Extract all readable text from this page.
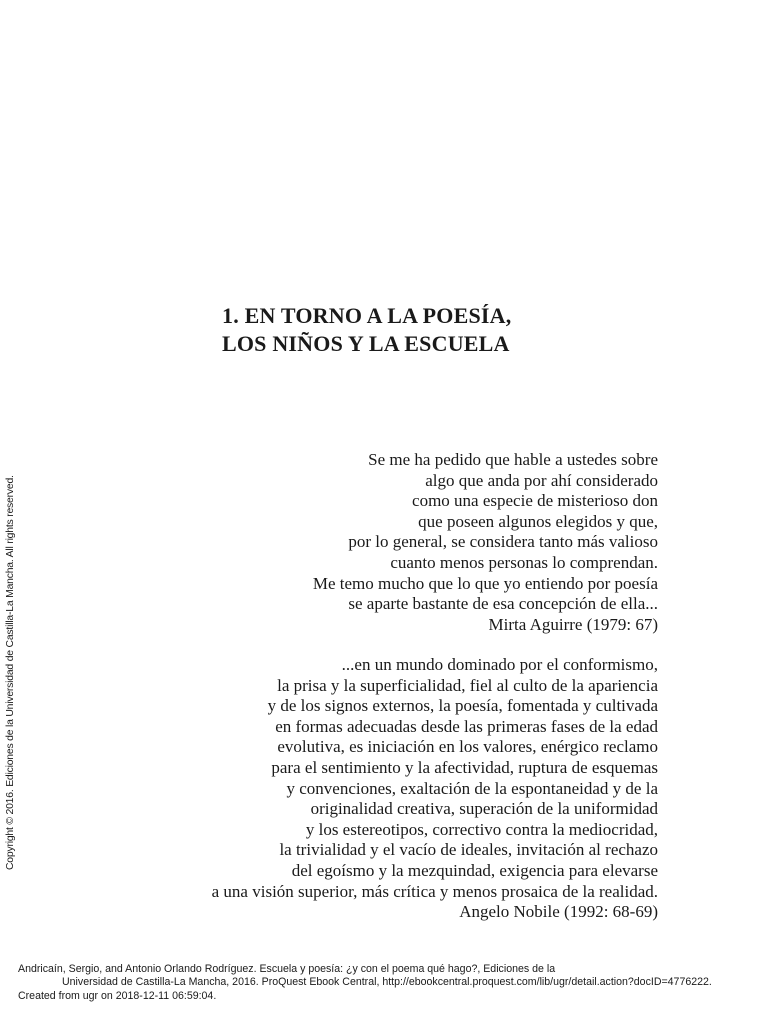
1. EN TORNO A LA POESÍA,
LOS NIÑOS Y LA ESCUELA
Se me ha pedido que hable a ustedes sobre
algo que anda por ahí considerado
como una especie de misterioso don
que poseen algunos elegidos y que,
por lo general, se considera tanto más valioso
cuanto menos personas lo comprendan.
Me temo mucho que lo que yo entiendo por poesía
se aparte bastante de esa concepción de ella...
Mirta Aguirre (1979: 67)
...en un mundo dominado por el conformismo,
la prisa y la superficialidad, fiel al culto de la apariencia
y de los signos externos, la poesía, fomentada y cultivada
en formas adecuadas desde las primeras fases de la edad
evolutiva, es iniciación en los valores, enérgico reclamo
para el sentimiento y la afectividad, ruptura de esquemas
y convenciones, exaltación de la espontaneidad y de la
originalidad creativa, superación de la uniformidad
y los estereotipos, correctivo contra la mediocridad,
la trivialidad y el vacío de ideales, invitación al rechazo
del egoísmo y la mezquindad, exigencia para elevarse
a una visión superior, más crítica y menos prosaica de la realidad.
Angelo Nobile (1992: 68-69)
Copyright © 2016. Ediciones de la Universidad de Castilla-La Mancha. All rights reserved.
Andricaín, Sergio, and Antonio Orlando Rodríguez. Escuela y poesía: ¿y con el poema qué hago?, Ediciones de la
Universidad de Castilla-La Mancha, 2016. ProQuest Ebook Central, http://ebookcentral.proquest.com/lib/ugr/detail.action?docID=4776222.
Created from ugr on 2018-12-11 06:59:04.
